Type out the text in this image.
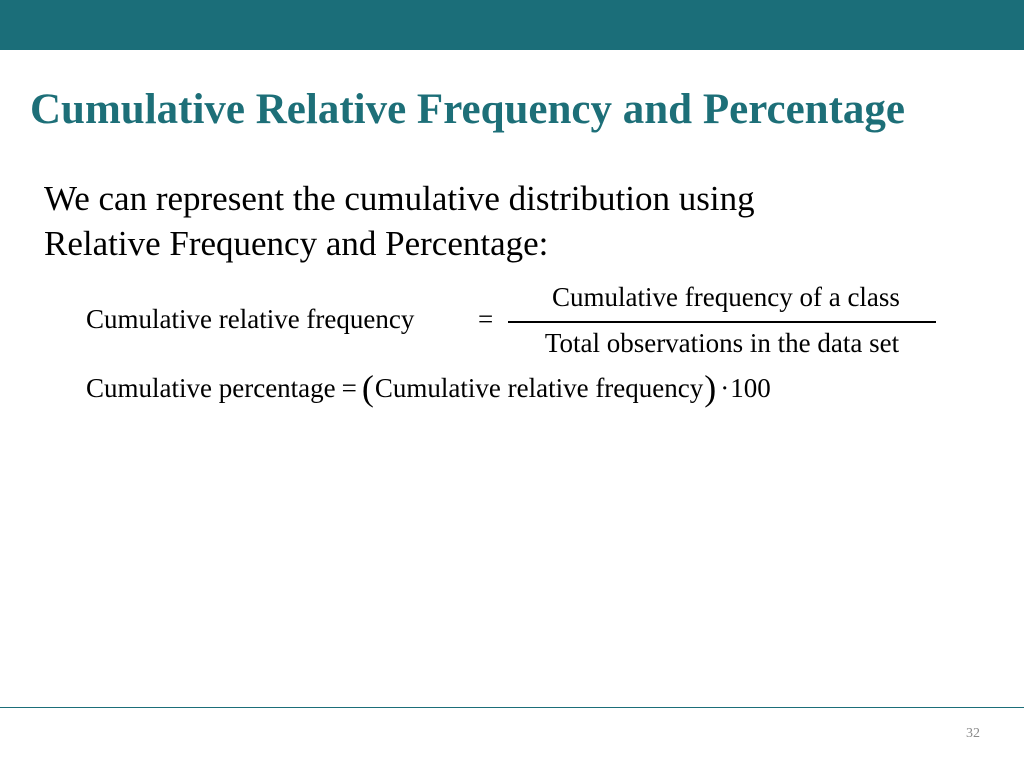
Cumulative Relative Frequency and Percentage
We can represent the cumulative distribution using
Relative Frequency and Percentage:
Cumulative relative frequency =
Cumulative frequency of a class
Total observations in the data set
Cumulative percentage = ( Cumulative relative frequency ) · 100
32
